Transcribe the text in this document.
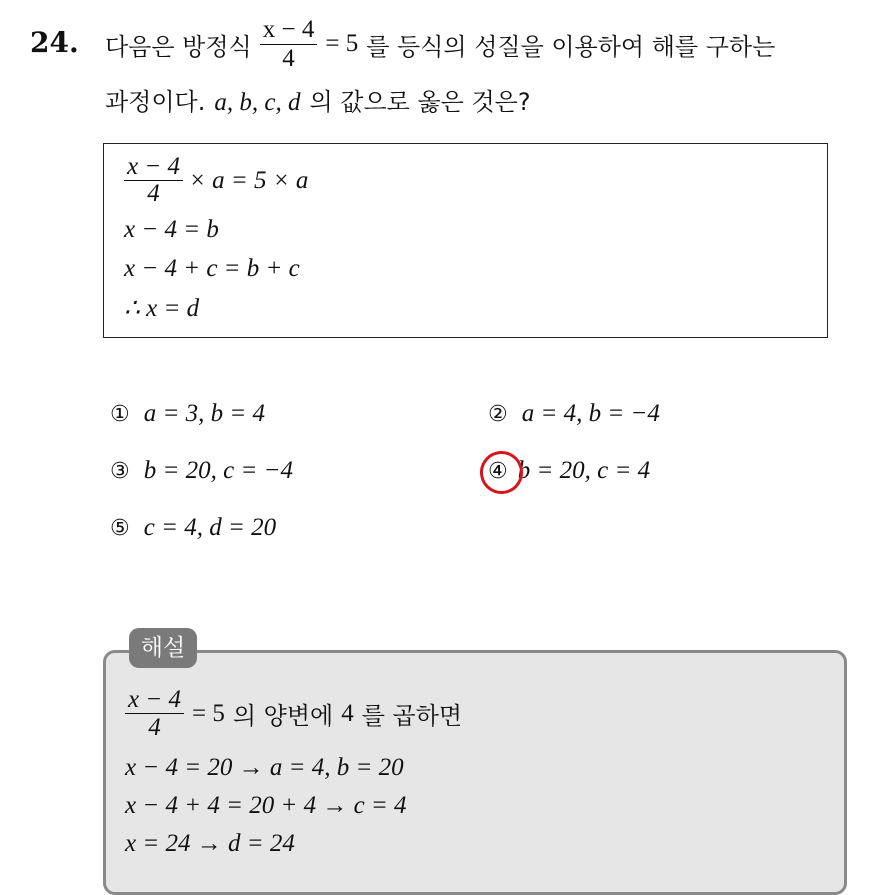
24. 다음은 방정식 $\frac{x - 4}{4} = 5$ 를 등식의 성질을 이용하여 해를 구하는
과정이다. a, b, c, d 의 값으로 옳은 것은?
$\frac{x - 4}{4} \times a = 5 \times a$
x − 4 = b
x − 4 + c = b + c
∴ x = d
① a = 3, b = 4	② a = 4, b = −4
③ b = 20, c = −4	④ b = 20, c = 4
⑤ c = 4, d = 20
해설
$\frac{x - 4}{4} = 5$ 의 양변에 4 를 곱하면
x − 4 = 20 → a = 4, b = 20
x − 4 + 4 = 20 + 4 → c = 4
x = 24 → d = 24
